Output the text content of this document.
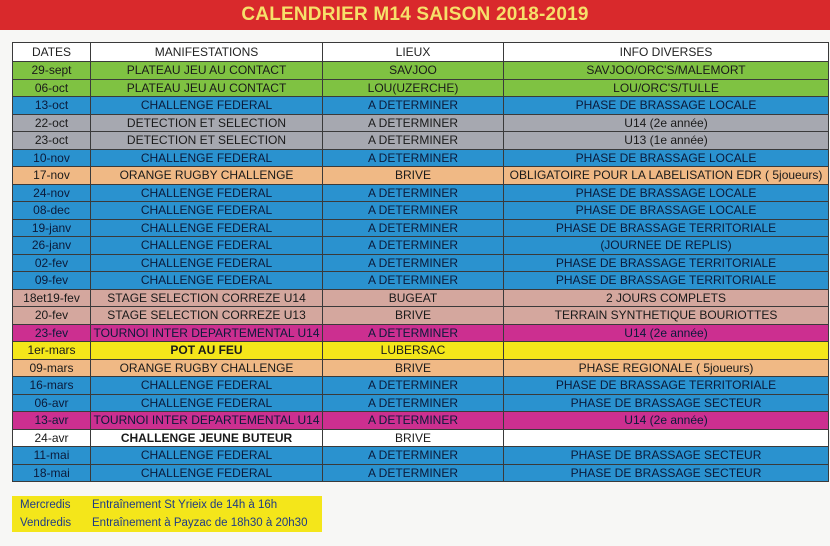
CALENDRIER M14 SAISON 2018-2019
DATES	MANIFESTATIONS	LIEUX	INFO DIVERSES
29-sept	PLATEAU JEU AU CONTACT	SAVJOO	SAVJOO/ORC'S/MALEMORT
06-oct	PLATEAU JEU AU CONTACT	LOU(UZERCHE)	LOU/ORC'S/TULLE
13-oct	CHALLENGE FEDERAL	A DETERMINER	PHASE DE BRASSAGE LOCALE
22-oct	DETECTION ET SELECTION	A DETERMINER	U14 (2e année)
23-oct	DETECTION ET SELECTION	A DETERMINER	U13 (1e année)
10-nov	CHALLENGE FEDERAL	A DETERMINER	PHASE DE BRASSAGE LOCALE
17-nov	ORANGE RUGBY CHALLENGE	BRIVE	OBLIGATOIRE POUR LA LABELISATION EDR ( 5joueurs)
24-nov	CHALLENGE FEDERAL	A DETERMINER	PHASE DE BRASSAGE LOCALE
08-dec	CHALLENGE FEDERAL	A DETERMINER	PHASE DE BRASSAGE LOCALE
19-janv	CHALLENGE FEDERAL	A DETERMINER	PHASE DE BRASSAGE TERRITORIALE
26-janv	CHALLENGE FEDERAL	A DETERMINER	(JOURNEE DE REPLIS)
02-fev	CHALLENGE FEDERAL	A DETERMINER	PHASE DE BRASSAGE TERRITORIALE
09-fev	CHALLENGE FEDERAL	A DETERMINER	PHASE DE BRASSAGE TERRITORIALE
18et19-fev	STAGE SELECTION CORREZE U14	BUGEAT	2 JOURS COMPLETS
20-fev	STAGE SELECTION CORREZE U13	BRIVE	TERRAIN SYNTHETIQUE BOURIOTTES
23-fev	TOURNOI INTER DEPARTEMENTAL U14	A DETERMINER	U14 (2e année)
1er-mars	POT AU FEU	LUBERSAC	
09-mars	ORANGE RUGBY CHALLENGE	BRIVE	PHASE REGIONALE ( 5joueurs)
16-mars	CHALLENGE FEDERAL	A DETERMINER	PHASE DE BRASSAGE TERRITORIALE
06-avr	CHALLENGE FEDERAL	A DETERMINER	PHASE DE BRASSAGE SECTEUR
13-avr	TOURNOI INTER DEPARTEMENTAL U14	A DETERMINER	U14 (2e année)
24-avr	CHALLENGE JEUNE BUTEUR	BRIVE	
11-mai	CHALLENGE FEDERAL	A DETERMINER	PHASE DE BRASSAGE SECTEUR
18-mai	CHALLENGE FEDERAL	A DETERMINER	PHASE DE BRASSAGE SECTEUR
Mercredis	Entraînement St Yrieix de 14h à 16h
Vendredis	Entraînement à Payzac de 18h30 à 20h30
